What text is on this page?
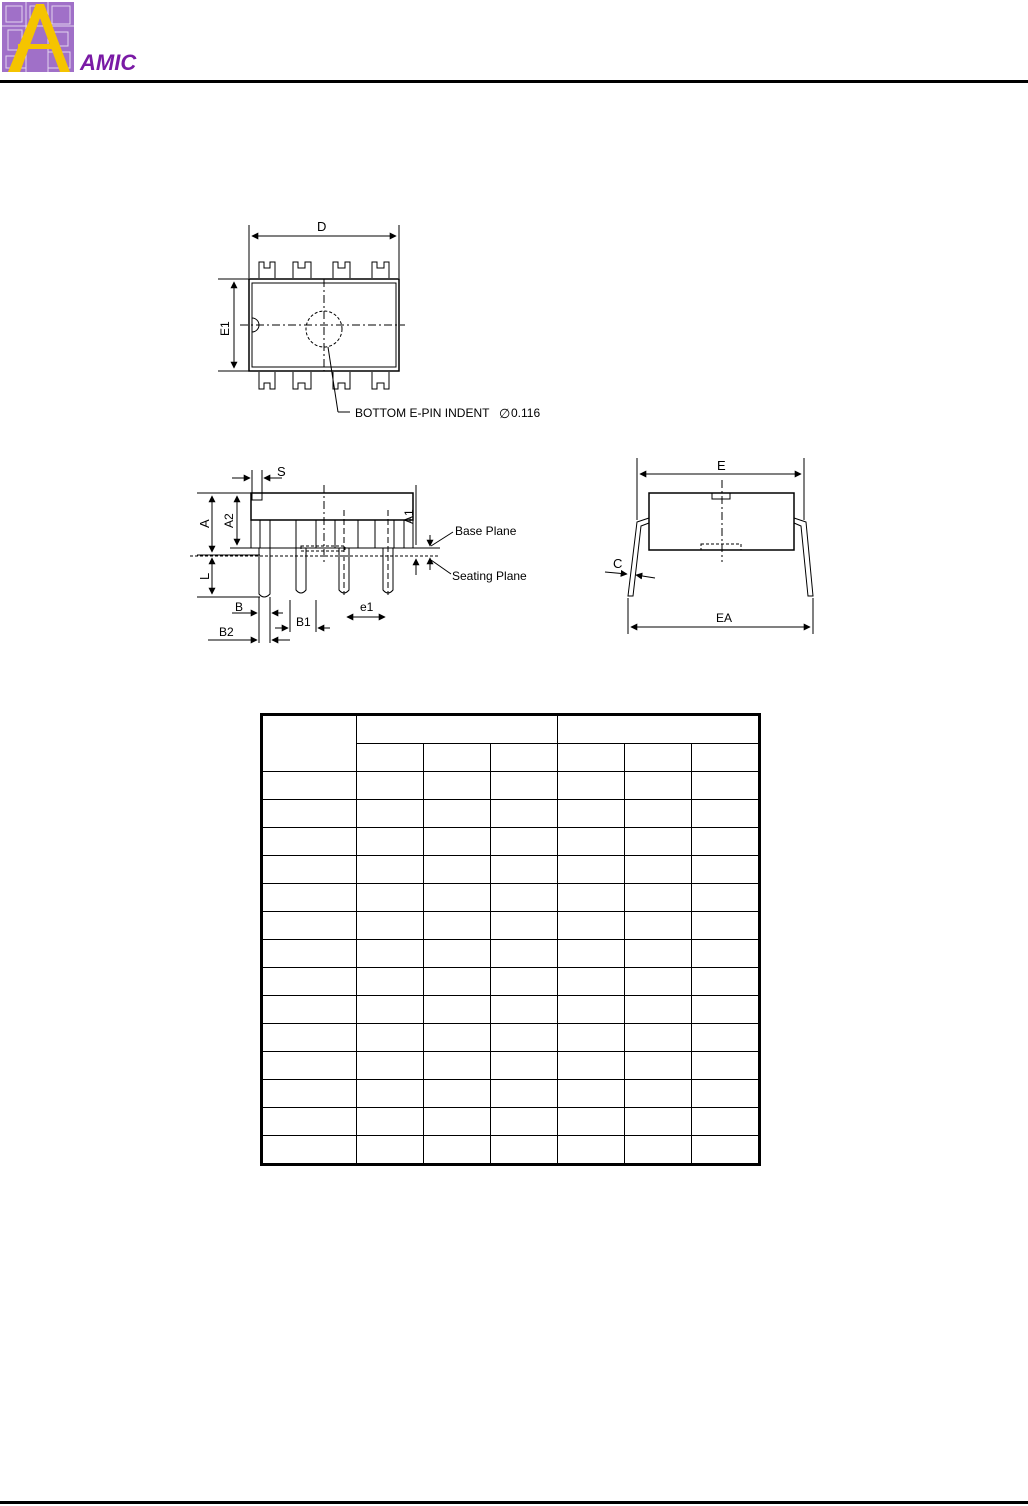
AMIC
D
E1
BOTTOM E-PIN INDENT ∅ 0.116
S
A A2	A1
L
B
B1
B2
e1
Base Plane
Seating Plane
E
C
EA
